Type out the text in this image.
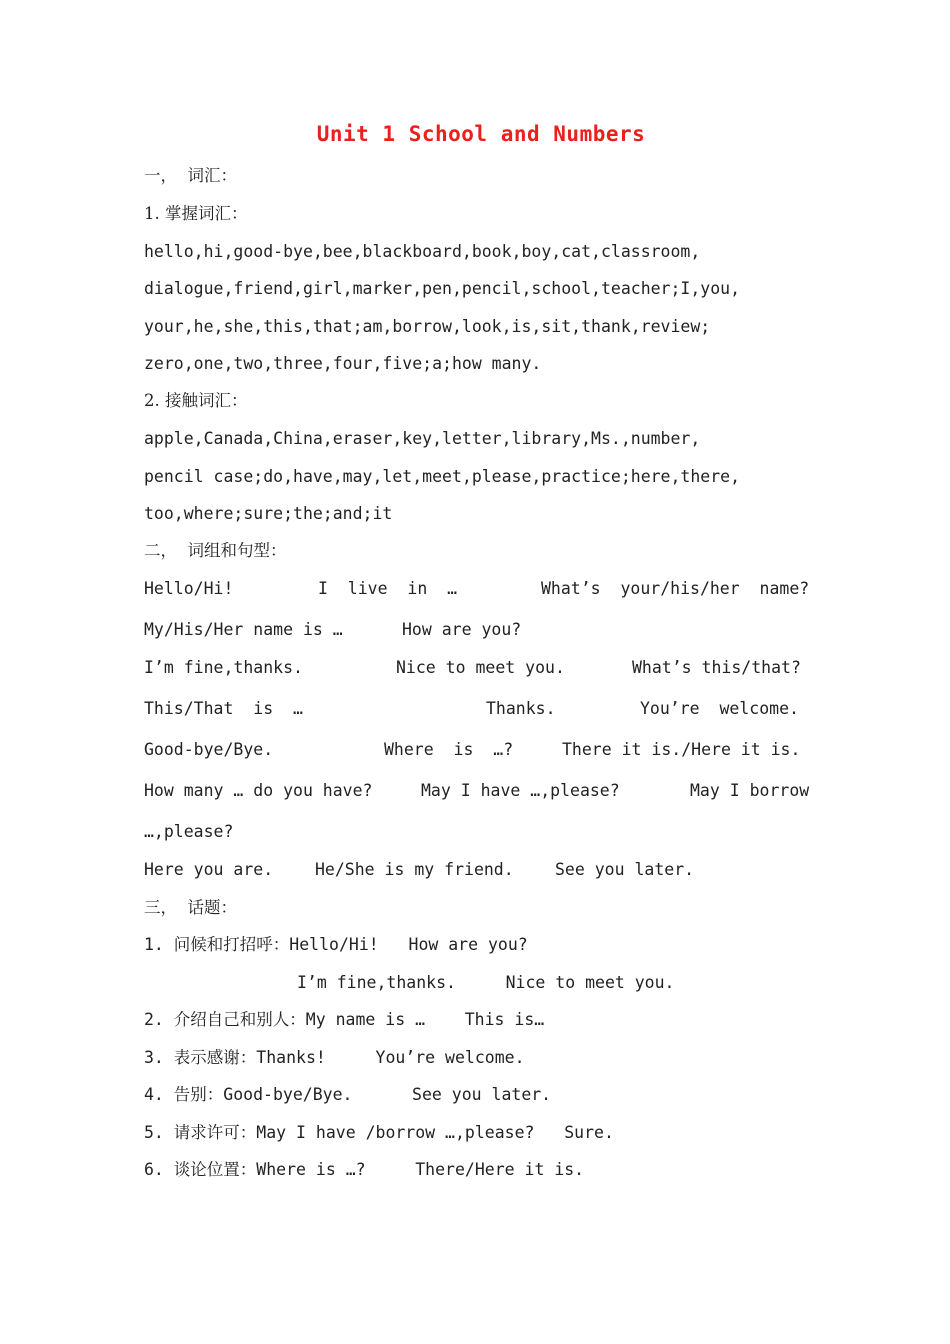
Unit 1 School and Numbers
一，  词汇：
1. 掌握词汇：
hello,hi,good-bye,bee,blackboard,book,boy,cat,classroom,
dialogue,friend,girl,marker,pen,pencil,school,teacher;I,you,
your,he,she,this,that;am,borrow,look,is,sit,thank,review;
zero,one,two,three,four,five;a;how many.
2. 接触词汇：
apple,Canada,China,eraser,key,letter,library,Ms.,number,
pencil case;do,have,may,let,meet,please,practice;here,there,
too,where;sure;the;and;it
二，  词组和句型：
Hello/Hi!	I  live  in  …	What’s  your/his/her  name?
My/His/Her name is …	How are you?
I’m fine,thanks.	Nice to meet you.	What’s this/that?
This/That  is  …	Thanks.	You’re  welcome.
Good-bye/Bye.	Where  is  …?	There it is./Here it is.
How many … do you have?	May I have …,please?	May I borrow
…,please?
Here you are.	He/She is my friend.	See you later.
三，  话题：
1. 问候和打招呼：Hello/Hi!   How are you?
I’m fine,thanks.     Nice to meet you.
2. 介绍自己和别人：My name is …    This is…
3. 表示感谢：Thanks!     You’re welcome.
4. 告别：Good-bye/Bye.      See you later.
5. 请求许可：May I have /borrow …,please?   Sure.
6. 谈论位置：Where is …?     There/Here it is.
